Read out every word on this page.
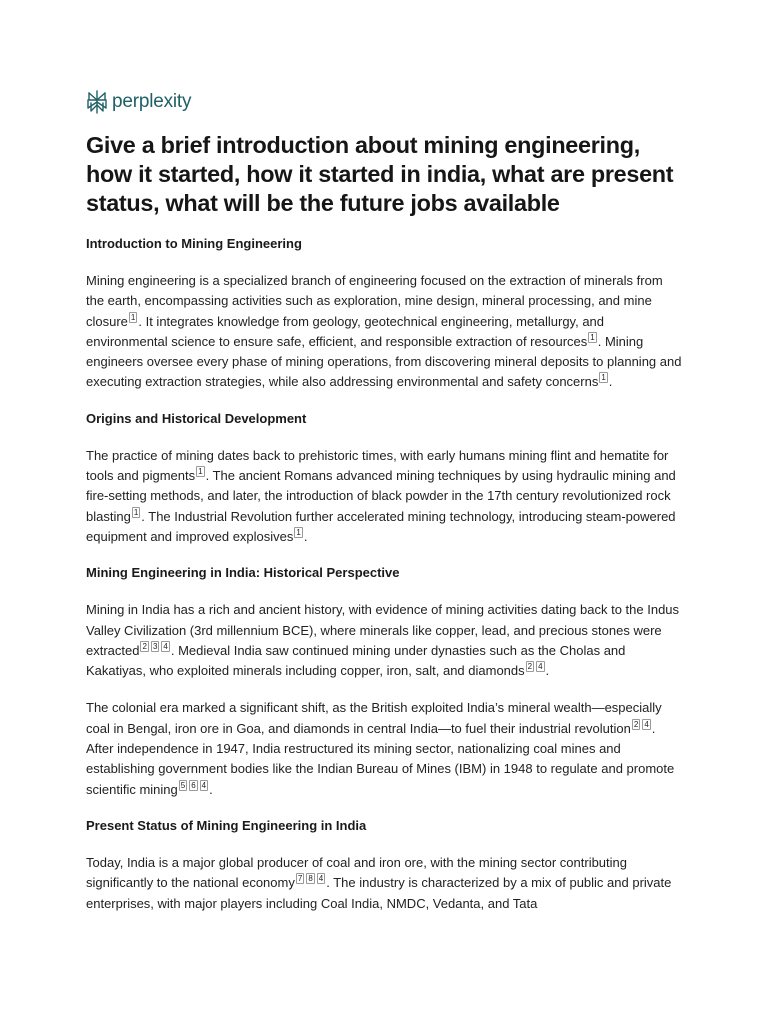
perplexity
Give a brief introduction about mining engineering, how it started, how it started in india, what are present status, what will be the future jobs available
Introduction to Mining Engineering

Mining engineering is a specialized branch of engineering focused on the extraction of minerals from the earth, encompassing activities such as exploration, mine design, mineral processing, and mine closure 1 . It integrates knowledge from geology, geotechnical engineering, metallurgy, and environmental science to ensure safe, efficient, and responsible extraction of resources 1 . Mining engineers oversee every phase of mining operations, from discovering mineral deposits to planning and executing extraction strategies, while also addressing environmental and safety concerns 1 .

Origins and Historical Development

The practice of mining dates back to prehistoric times, with early humans mining flint and hematite for tools and pigments 1 . The ancient Romans advanced mining techniques by using hydraulic mining and fire-setting methods, and later, the introduction of black powder in the 17th century revolutionized rock blasting 1 . The Industrial Revolution further accelerated mining technology, introducing steam-powered equipment and improved explosives 1 .

Mining Engineering in India: Historical Perspective

Mining in India has a rich and ancient history, with evidence of mining activities dating back to the Indus Valley Civilization (3rd millennium BCE), where minerals like copper, lead, and precious stones were extracted 2 3 4 . Medieval India saw continued mining under dynasties such as the Cholas and Kakatiyas, who exploited minerals including copper, iron, salt, and diamonds 2 4 .

The colonial era marked a significant shift, as the British exploited India’s mineral wealth—especially coal in Bengal, iron ore in Goa, and diamonds in central India—to fuel their industrial revolution 2 4 . After independence in 1947, India restructured its mining sector, nationalizing coal mines and establishing government bodies like the Indian Bureau of Mines (IBM) in 1948 to regulate and promote scientific mining 5 6 4 .

Present Status of Mining Engineering in India

Today, India is a major global producer of coal and iron ore, with the mining sector contributing significantly to the national economy 7 8 4 . The industry is characterized by a mix of public and private enterprises, with major players including Coal India, NMDC, Vedanta, and Tata
